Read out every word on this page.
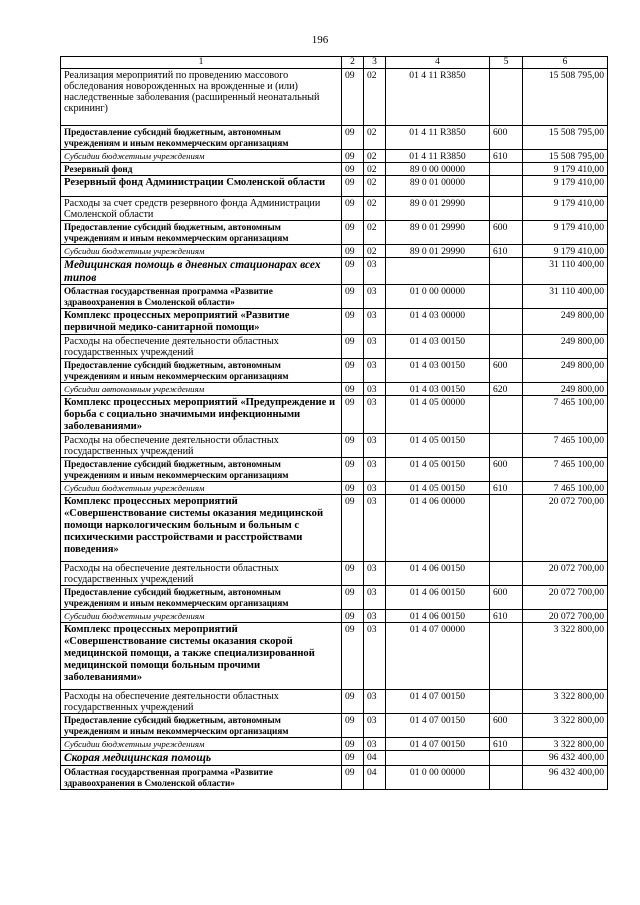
196
1	2	3	4	5	6
Реализация мероприятий по проведению массового обследования новорожденных на врожденные и (или) наследственные заболевания (расширенный неонатальный скрининг)	09	02	01 4 11 R3850		15 508 795,00
Предоставление субсидий бюджетным, автономным учреждениям и иным некоммерческим организациям	09	02	01 4 11 R3850	600	15 508 795,00
Субсидии бюджетным учреждениям	09	02	01 4 11 R3850	610	15 508 795,00
Резервный фонд	09	02	89 0 00 00000		9 179 410,00
Резервный фонд Администрации Смоленской области	09	02	89 0 01 00000		9 179 410,00
Расходы за счет средств резервного фонда Администрации Смоленской области	09	02	89 0 01 29990		9 179 410,00
Предоставление субсидий бюджетным, автономным учреждениям и иным некоммерческим организациям	09	02	89 0 01 29990	600	9 179 410,00
Субсидии бюджетным учреждениям	09	02	89 0 01 29990	610	9 179 410,00
Медицинская помощь в дневных стационарах всех типов	09	03			31 110 400,00
Областная государственная программа «Развитие здравоохранения в Смоленской области»	09	03	01 0 00 00000		31 110 400,00
Комплекс процессных мероприятий «Развитие первичной медико-санитарной помощи»	09	03	01 4 03 00000		249 800,00
Расходы на обеспечение деятельности областных государственных учреждений	09	03	01 4 03 00150		249 800,00
Предоставление субсидий бюджетным, автономным учреждениям и иным некоммерческим организациям	09	03	01 4 03 00150	600	249 800,00
Субсидии автономным учреждениям	09	03	01 4 03 00150	620	249 800,00
Комплекс процессных мероприятий «Предупреждение и борьба с социально значимыми инфекционными заболеваниями»	09	03	01 4 05 00000		7 465 100,00
Расходы на обеспечение деятельности областных государственных учреждений	09	03	01 4 05 00150		7 465 100,00
Предоставление субсидий бюджетным, автономным учреждениям и иным некоммерческим организациям	09	03	01 4 05 00150	600	7 465 100,00
Субсидии бюджетным учреждениям	09	03	01 4 05 00150	610	7 465 100,00
Комплекс процессных мероприятий «Совершенствование системы оказания медицинской помощи наркологическим больным и больным с психическими расстройствами и расстройствами поведения»	09	03	01 4 06 00000		20 072 700,00
Расходы на обеспечение деятельности областных государственных учреждений	09	03	01 4 06 00150		20 072 700,00
Предоставление субсидий бюджетным, автономным учреждениям и иным некоммерческим организациям	09	03	01 4 06 00150	600	20 072 700,00
Субсидии бюджетным учреждениям	09	03	01 4 06 00150	610	20 072 700,00
Комплекс процессных мероприятий «Совершенствование системы оказания скорой медицинской помощи, а также специализированной медицинской помощи больным прочими заболеваниями»	09	03	01 4 07 00000		3 322 800,00
Расходы на обеспечение деятельности областных государственных учреждений	09	03	01 4 07 00150		3 322 800,00
Предоставление субсидий бюджетным, автономным учреждениям и иным некоммерческим организациям	09	03	01 4 07 00150	600	3 322 800,00
Субсидии бюджетным учреждениям	09	03	01 4 07 00150	610	3 322 800,00
Скорая медицинская помощь	09	04			96 432 400,00
Областная государственная программа «Развитие здравоохранения в Смоленской области»	09	04	01 0 00 00000		96 432 400,00
